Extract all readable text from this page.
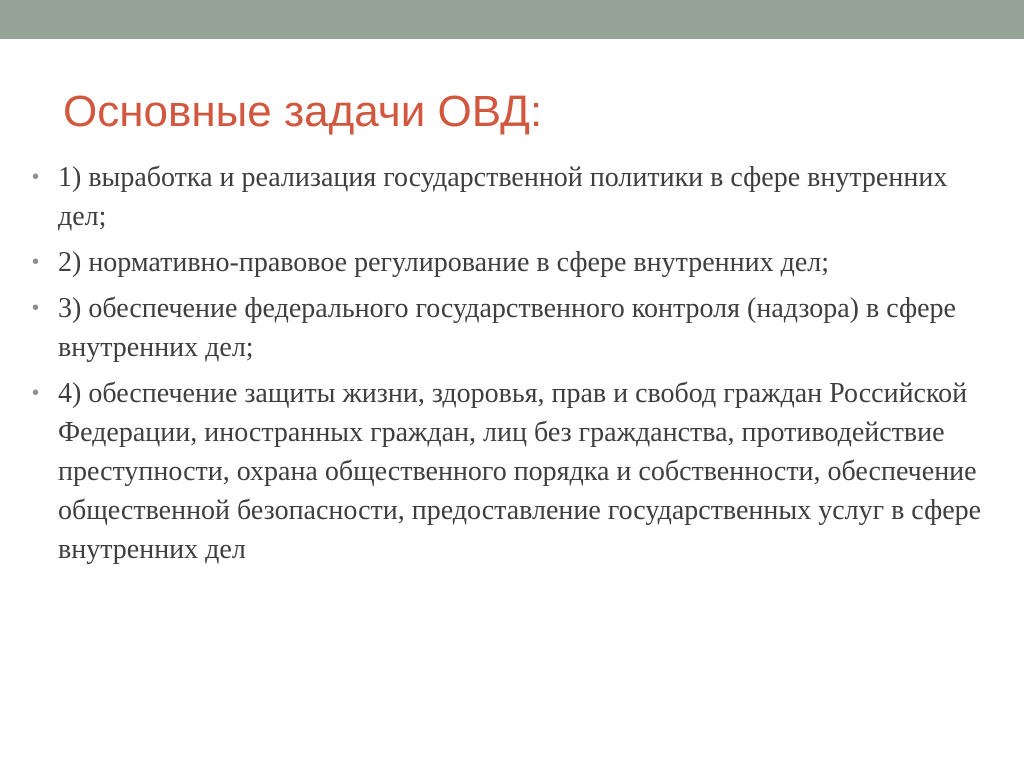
Основные задачи ОВД:
• 1) выработка и реализация государственной политики в сфере внутренних дел;
• 2) нормативно-правовое регулирование в сфере внутренних дел;
• 3) обеспечение федерального государственного контроля (надзора) в сфере внутренних дел;
• 4) обеспечение защиты жизни, здоровья, прав и свобод граждан Российской Федерации, иностранных граждан, лиц без гражданства, противодействие преступности, охрана общественного порядка и собственности, обеспечение общественной безопасности, предоставление государственных услуг в сфере внутренних дел
